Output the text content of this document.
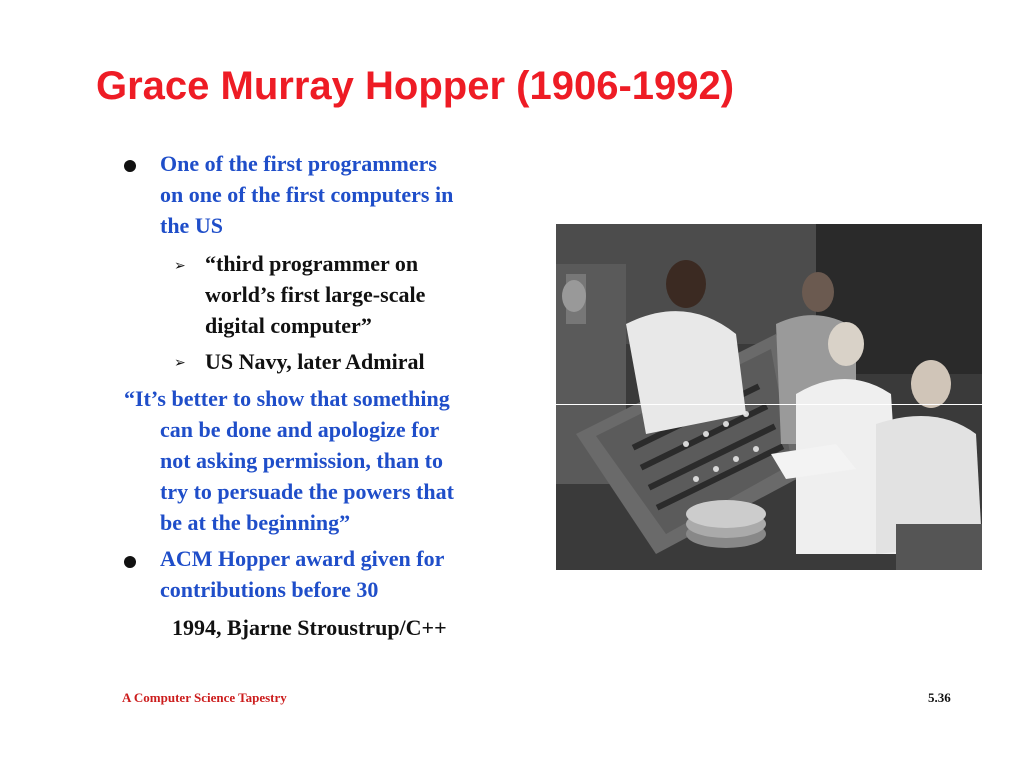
Grace Murray Hopper (1906-1992)
One of the first programmers
on one of the first computers in
the US
➢ “third programmer on
world’s first large-scale
digital computer”
➢ US Navy, later Admiral
“It’s better to show that something
can be done and apologize for
not asking permission, than to
try to persuade the powers that
be at the beginning”
ACM Hopper award given for
contributions before 30
1994, Bjarne Stroustrup/C++
A Computer Science Tapestry	5.36
